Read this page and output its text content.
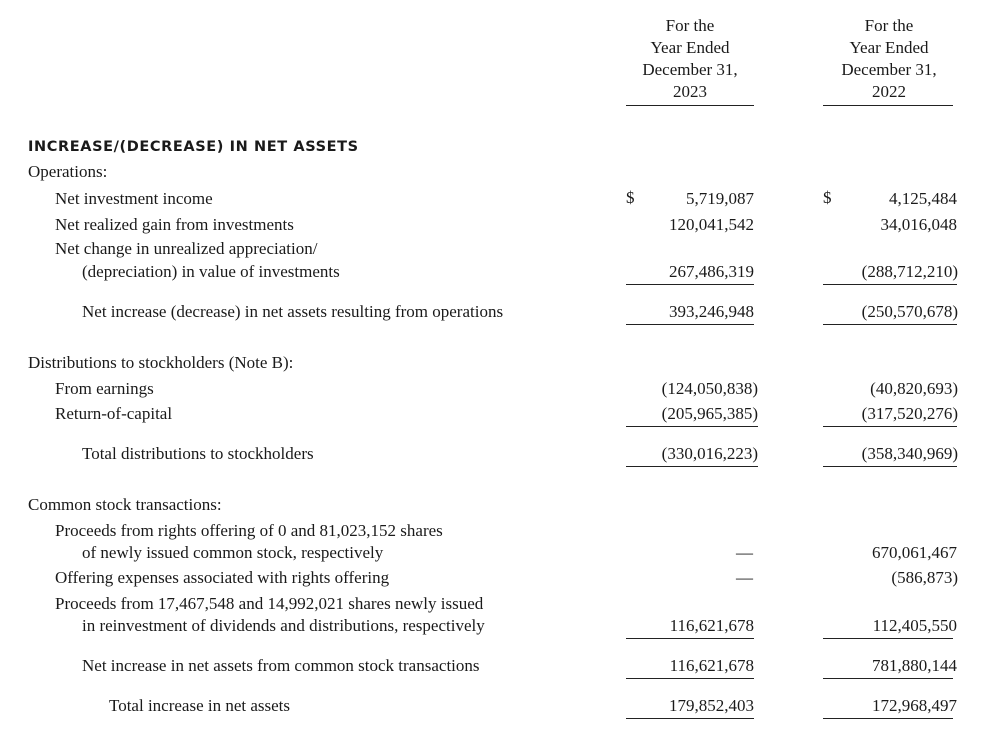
For the
Year Ended
December 31,
2023
For the
Year Ended
December 31,
2022
INCREASE/(DECREASE) IN NET ASSETS
Operations:
Net investment income	$	5,719,087	$	4,125,484
Net realized gain from investments	120,041,542	34,016,048
Net change in unrealized appreciation/
(depreciation) in value of investments	267,486,319	(288,712,210)
Net increase (decrease) in net assets resulting from operations	393,246,948	(250,570,678)
Distributions to stockholders (Note B):
From earnings	(124,050,838)	(40,820,693)
Return-of-capital	(205,965,385)	(317,520,276)
Total distributions to stockholders	(330,016,223)	(358,340,969)
Common stock transactions:
Proceeds from rights offering of 0 and 81,023,152 shares
of newly issued common stock, respectively	—	670,061,467
Offering expenses associated with rights offering	—	(586,873)
Proceeds from 17,467,548 and 14,992,021 shares newly issued
in reinvestment of dividends and distributions, respectively	116,621,678	112,405,550
Net increase in net assets from common stock transactions	116,621,678	781,880,144
Total increase in net assets	179,852,403	172,968,497
